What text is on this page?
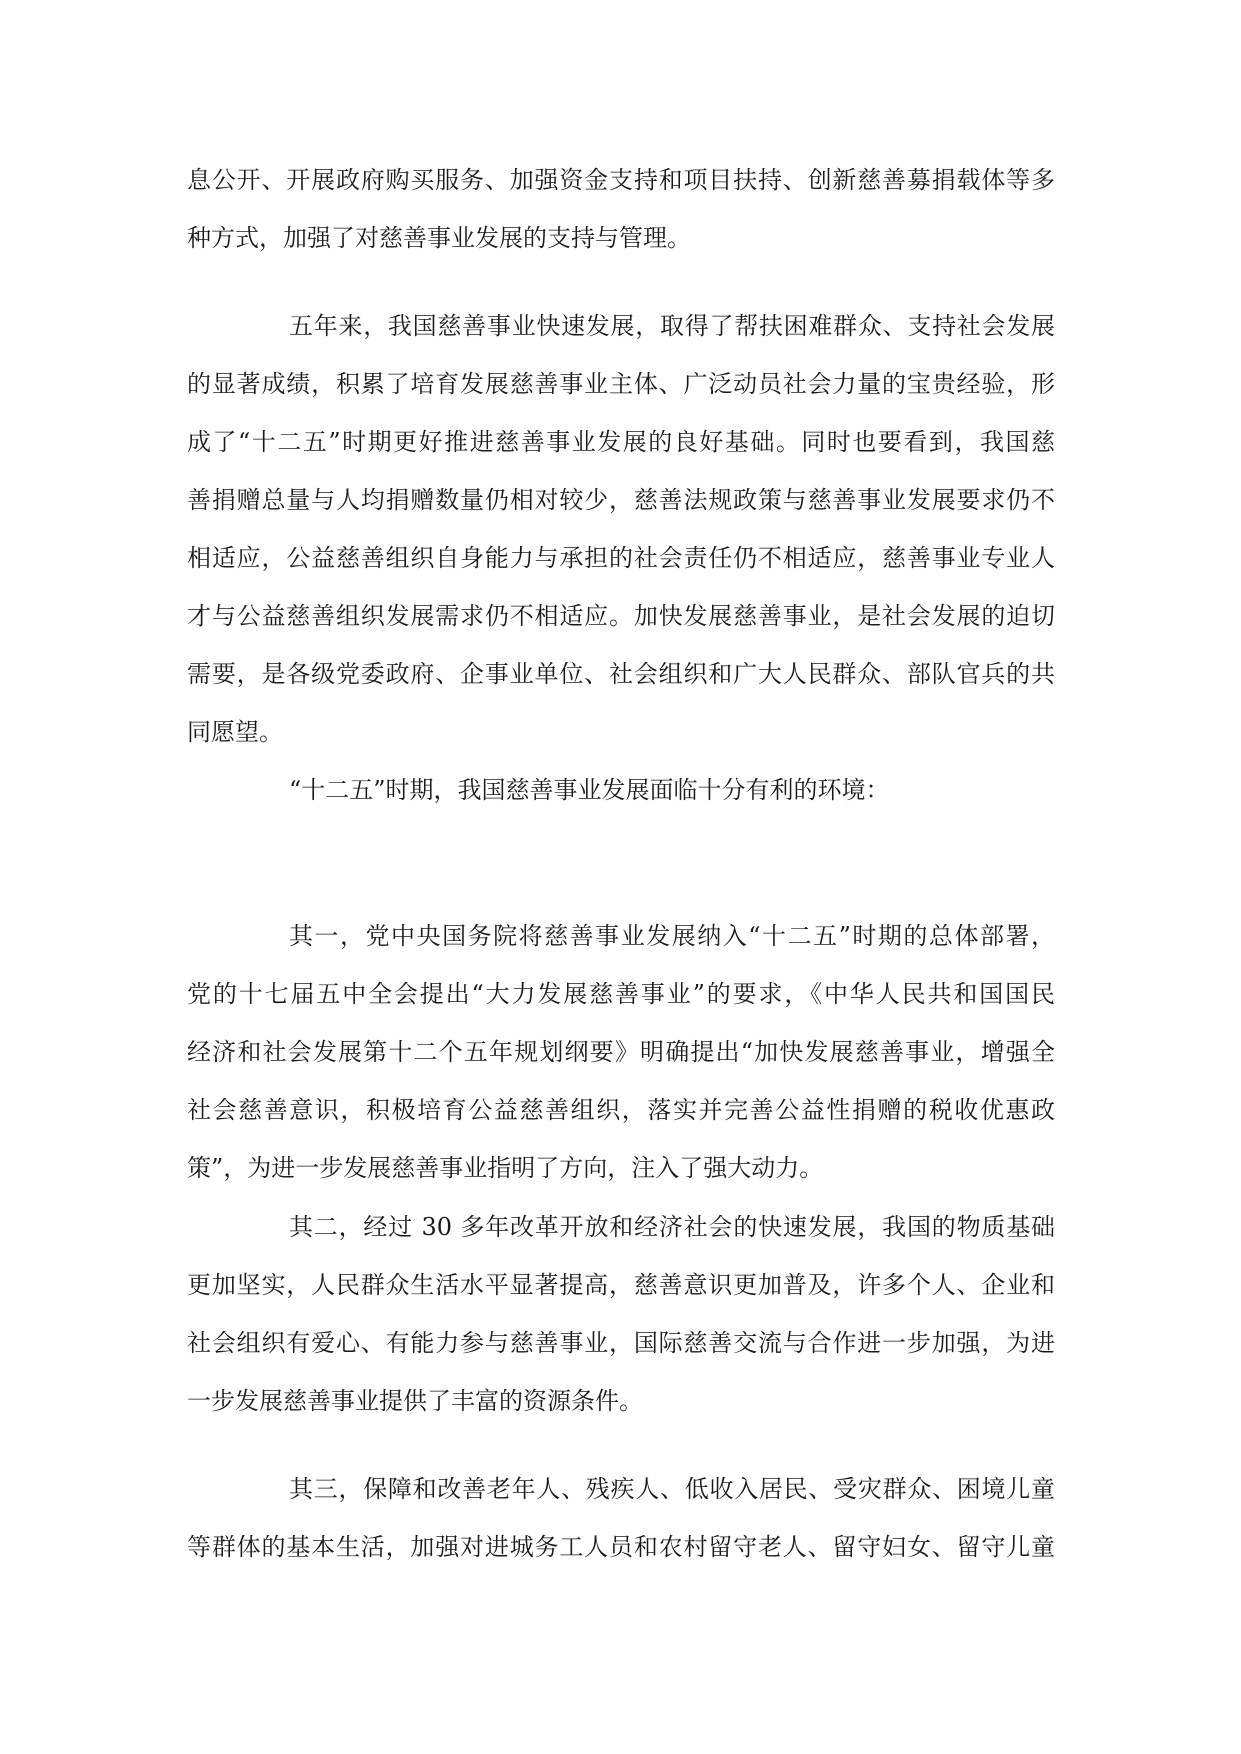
息公开、开展政府购买服务、加强资金支持和项目扶持、创新慈善募捐载体等多
种方式，加强了对慈善事业发展的支持与管理。
五年来，我国慈善事业快速发展，取得了帮扶困难群众、支持社会发展
的显著成绩，积累了培育发展慈善事业主体、广泛动员社会力量的宝贵经验，形
成了“十二五”时期更好推进慈善事业发展的良好基础。同时也要看到，我国慈
善捐赠总量与人均捐赠数量仍相对较少，慈善法规政策与慈善事业发展要求仍不
相适应，公益慈善组织自身能力与承担的社会责任仍不相适应，慈善事业专业人
才与公益慈善组织发展需求仍不相适应。加快发展慈善事业，是社会发展的迫切
需要，是各级党委政府、企事业单位、社会组织和广大人民群众、部队官兵的共
同愿望。
“十二五”时期，我国慈善事业发展面临十分有利的环境：
其一，党中央国务院将慈善事业发展纳入“十二五”时期的总体部署，
党的十七届五中全会提出“大力发展慈善事业”的要求，《中华人民共和国国民
经济和社会发展第十二个五年规划纲要》明确提出“加快发展慈善事业，增强全
社会慈善意识，积极培育公益慈善组织，落实并完善公益性捐赠的税收优惠政
策”，为进一步发展慈善事业指明了方向，注入了强大动力。
其二，经过 30 多年改革开放和经济社会的快速发展，我国的物质基础
更加坚实，人民群众生活水平显著提高，慈善意识更加普及，许多个人、企业和
社会组织有爱心、有能力参与慈善事业，国际慈善交流与合作进一步加强，为进
一步发展慈善事业提供了丰富的资源条件。
其三，保障和改善老年人、残疾人、低收入居民、受灾群众、困境儿童
等群体的基本生活，加强对进城务工人员和农村留守老人、留守妇女、留守儿童
